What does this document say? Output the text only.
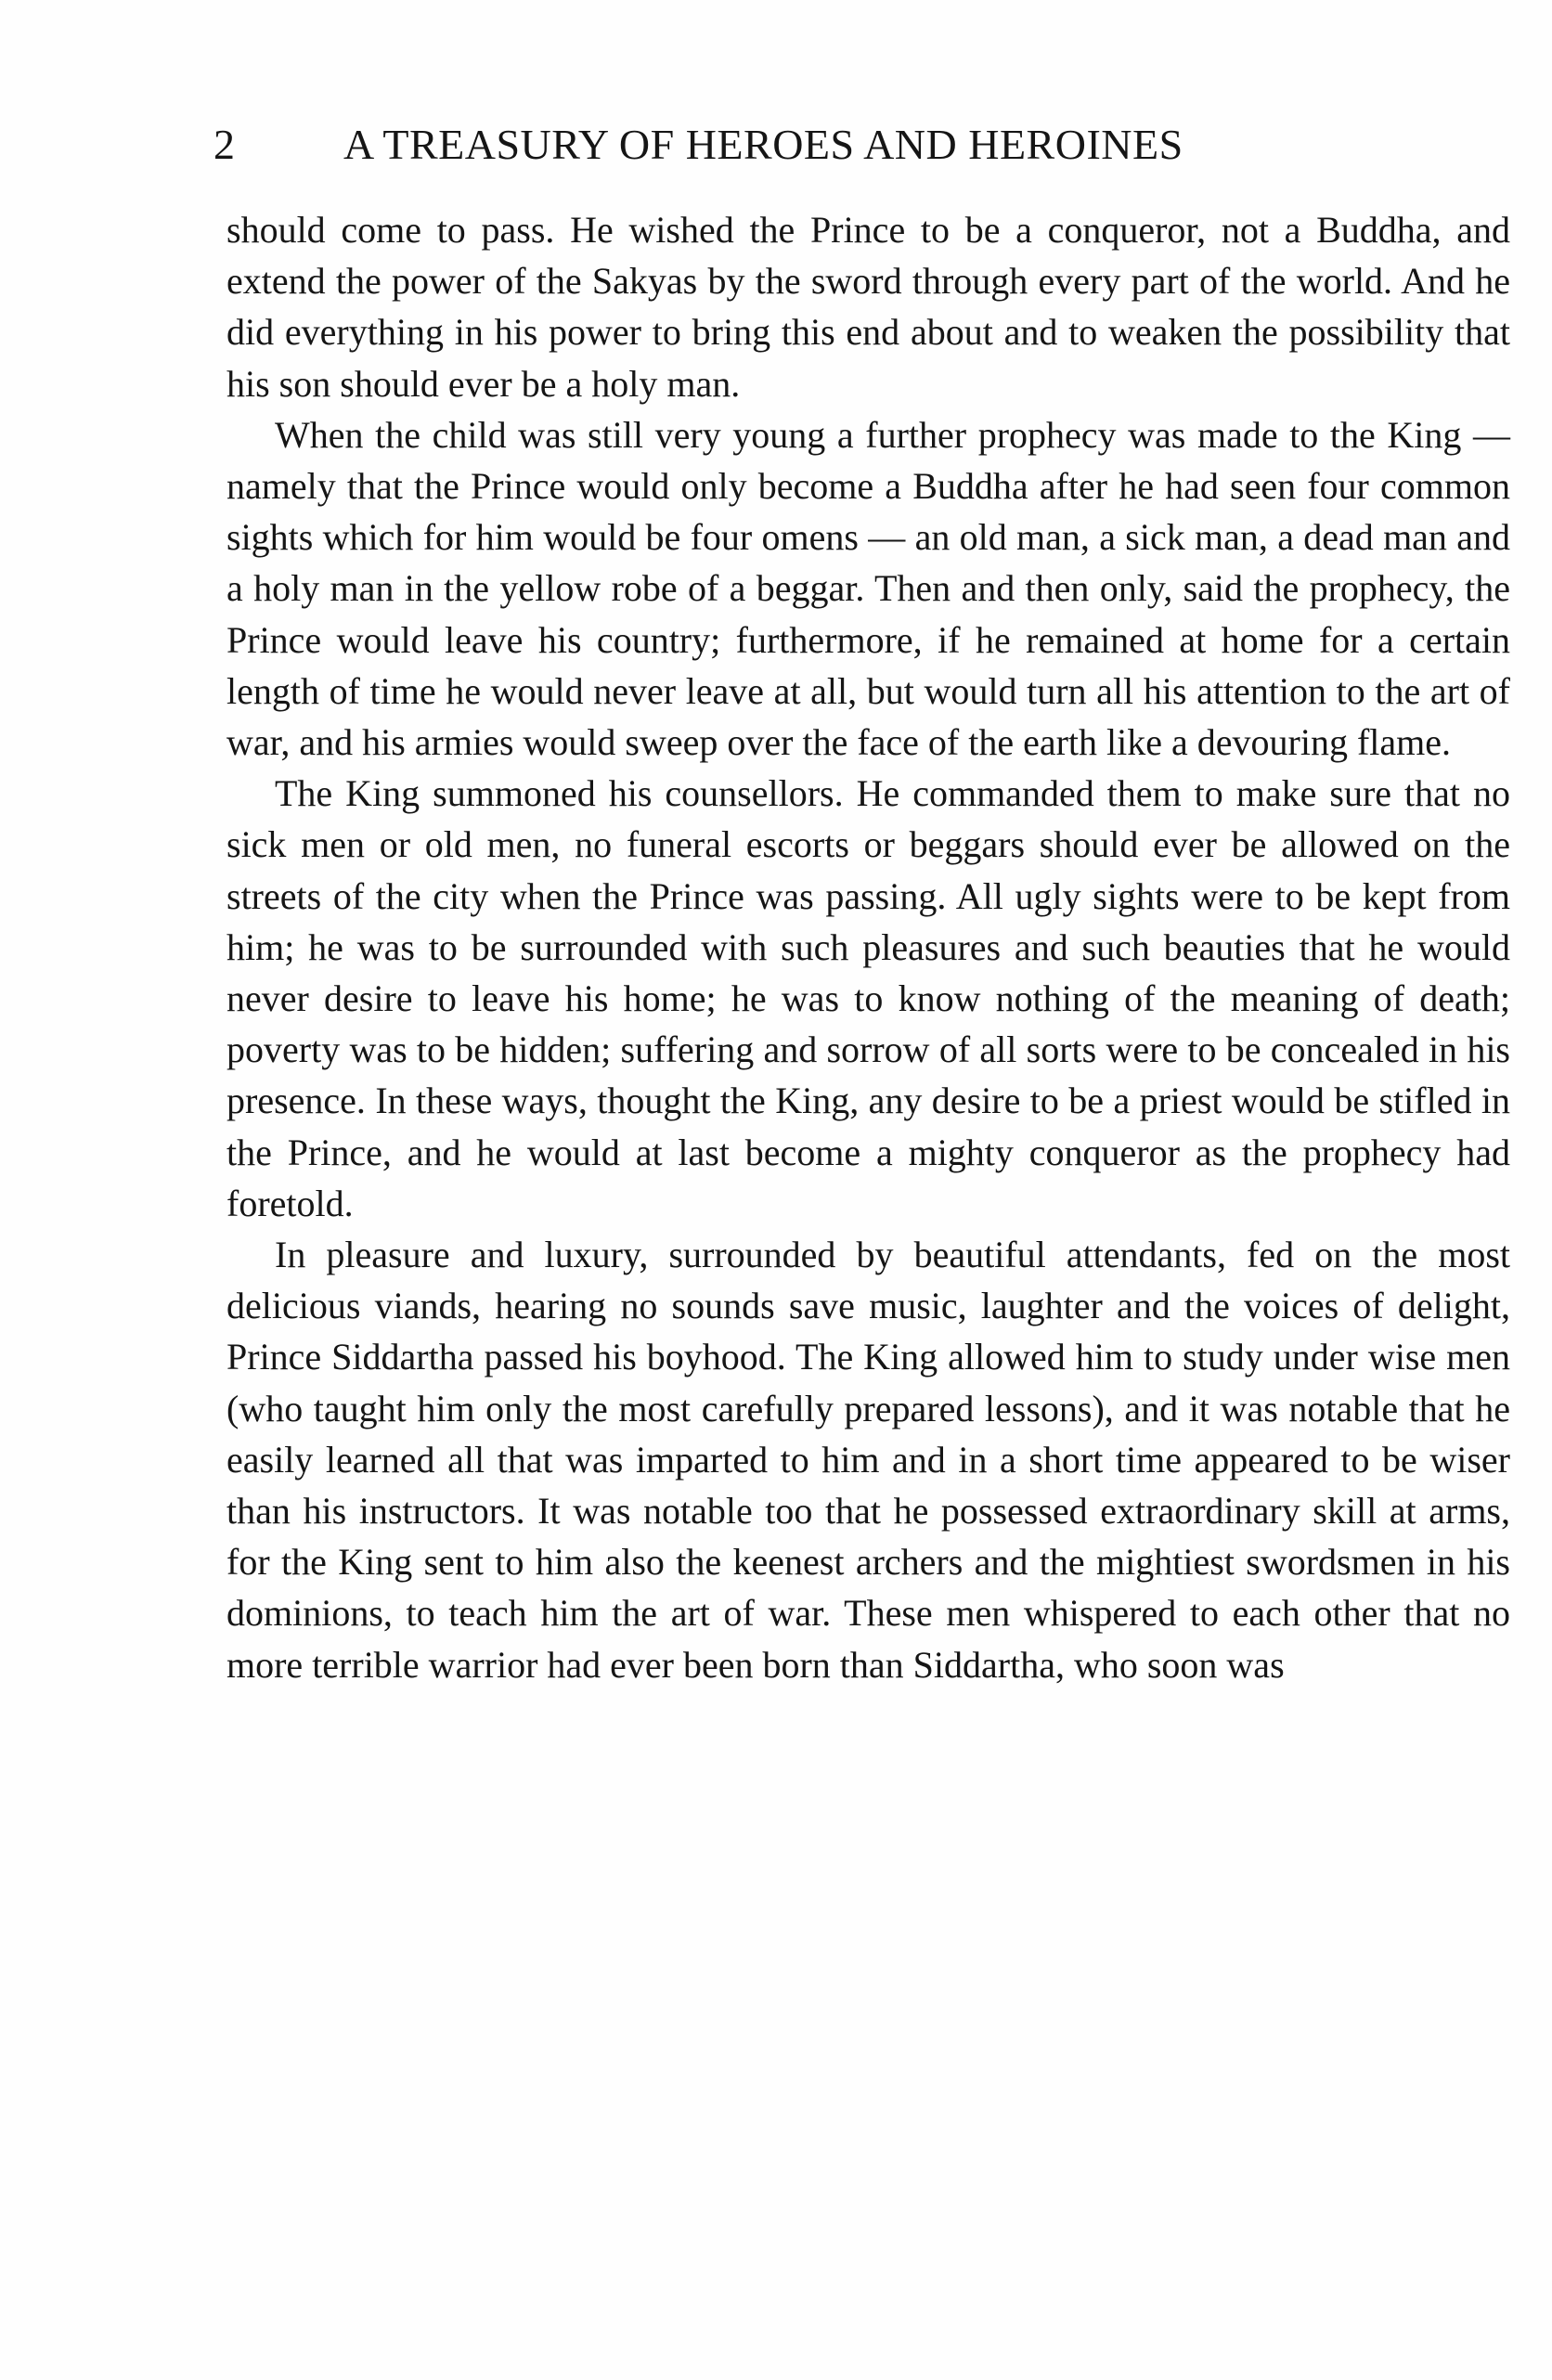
2	A TREASURY OF HEROES AND HEROINES

should come to pass. He wished the Prince to be a conqueror, not a Buddha, and extend the power of the Sakyas by the sword through every part of the world. And he did everything in his power to bring this end about and to weaken the possibility that his son should ever be a holy man.

When the child was still very young a further prophecy was made to the King — namely that the Prince would only become a Buddha after he had seen four common sights which for him would be four omens — an old man, a sick man, a dead man and a holy man in the yellow robe of a beggar. Then and then only, said the prophecy, the Prince would leave his country; furthermore, if he remained at home for a certain length of time he would never leave at all, but would turn all his attention to the art of war, and his armies would sweep over the face of the earth like a devouring flame.

The King summoned his counsellors. He commanded them to make sure that no sick men or old men, no funeral escorts or beggars should ever be allowed on the streets of the city when the Prince was passing. All ugly sights were to be kept from him; he was to be surrounded with such pleasures and such beauties that he would never desire to leave his home; he was to know nothing of the meaning of death; poverty was to be hidden; suffering and sorrow of all sorts were to be concealed in his presence. In these ways, thought the King, any desire to be a priest would be stifled in the Prince, and he would at last become a mighty conqueror as the prophecy had foretold.

In pleasure and luxury, surrounded by beautiful attendants, fed on the most delicious viands, hearing no sounds save music, laughter and the voices of delight, Prince Siddartha passed his boyhood. The King allowed him to study under wise men (who taught him only the most carefully prepared lessons), and it was notable that he easily learned all that was imparted to him and in a short time appeared to be wiser than his instructors. It was notable too that he possessed extraordinary skill at arms, for the King sent to him also the keenest archers and the mightiest swordsmen in his dominions, to teach him the art of war. These men whispered to each other that no more terrible warrior had ever been born than Siddartha, who soon was
